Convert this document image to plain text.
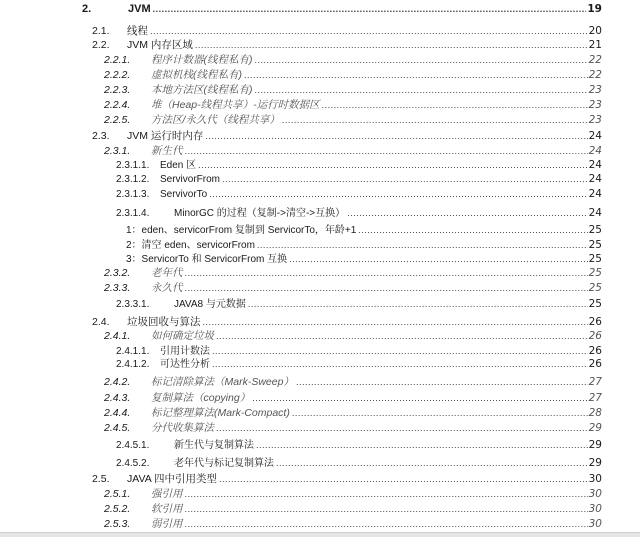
2.	JVM .....	19
2.1.	线程 .....	20
2.2.	JVM 内存区域 .....	21
2.2.1.	程序计数器(线程私有) .....	22
2.2.2.	虚拟机栈(线程私有) .....	22
2.2.3.	本地方法区(线程私有) .....	23
2.2.4.	堆（Heap-线程共享）-运行时数据区 .....	23
2.2.5.	方法区/永久代（线程共享） .....	23
2.3.	JVM 运行时内存 .....	24
2.3.1.	新生代 .....	24
2.3.1.1.	Eden 区 .....	24
2.3.1.2.	ServivorFrom .....	24
2.3.1.3.	ServivorTo .....	24
2.3.1.4.	MinorGC 的过程（复制->清空->互换） .....	24
1：eden、servicorFrom 复制到 ServicorTo，年龄+1 .....	25
2：清空 eden、servicorFrom .....	25
3：ServicorTo 和 ServicorFrom 互换 .....	25
2.3.2.	老年代 .....	25
2.3.3.	永久代 .....	25
2.3.3.1.	JAVA8 与元数据 .....	25
2.4.	垃圾回收与算法 .....	26
2.4.1.	如何确定垃圾 .....	26
2.4.1.1.	引用计数法 .....	26
2.4.1.2.	可达性分析 .....	26
2.4.2.	标记清除算法（Mark-Sweep） .....	27
2.4.3.	复制算法（copying） .....	27
2.4.4.	标记整理算法(Mark-Compact) .....	28
2.4.5.	分代收集算法 .....	29
2.4.5.1.	新生代与复制算法 .....	29
2.4.5.2.	老年代与标记复制算法 .....	29
2.5.	JAVA 四中引用类型 .....	30
2.5.1.	强引用 .....	30
2.5.2.	软引用 .....	30
2.5.3.	弱引用 .....	30
